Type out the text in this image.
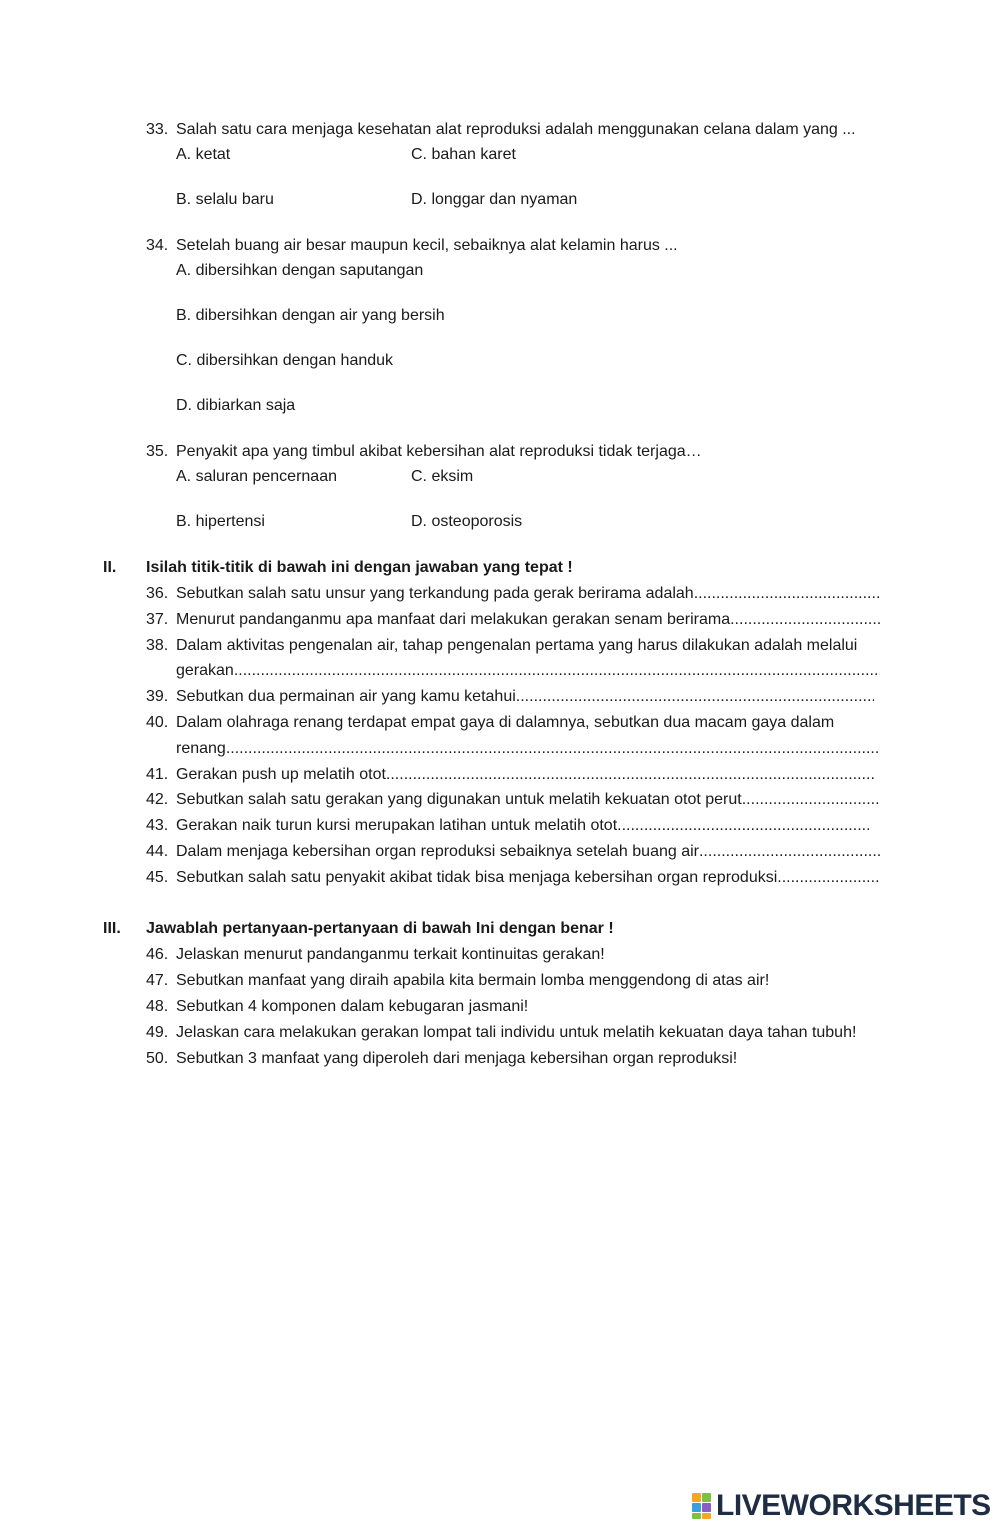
33. Salah satu cara menjaga kesehatan alat reproduksi adalah menggunakan celana dalam yang ...
A. ketat	C. bahan karet
B. selalu baru	D. longgar dan nyaman
34. Setelah buang air besar maupun kecil, sebaiknya alat kelamin harus ...
A. dibersihkan dengan saputangan
B. dibersihkan dengan air yang bersih
C. dibersihkan dengan handuk
D. dibiarkan saja
35. Penyakit apa yang timbul akibat kebersihan alat reproduksi tidak terjaga…
A. saluran pencernaan	C. eksim
B. hipertensi	D. osteoporosis
II. Isilah titik-titik di bawah ini dengan jawaban yang tepat !
36. Sebutkan salah satu unsur yang terkandung pada gerak berirama adalah
.....
37. Menurut pandanganmu apa manfaat dari melakukan gerakan senam berirama
.....
38. Dalam aktivitas pengenalan air, tahap pengenalan pertama yang harus dilakukan adalah melalui
gerakan
.....
39. Sebutkan dua permainan air yang kamu ketahui
.....
40. Dalam olahraga renang terdapat empat gaya di dalamnya, sebutkan dua macam gaya dalam
renang
.....
41. Gerakan push up melatih otot
.....
42. Sebutkan salah satu gerakan yang digunakan untuk melatih kekuatan otot perut
.....
43. Gerakan naik turun kursi merupakan latihan untuk melatih otot
.....
44. Dalam menjaga kebersihan organ reproduksi sebaiknya setelah buang air
.....
45. Sebutkan salah satu penyakit akibat tidak bisa menjaga kebersihan organ reproduksi
.....
III. Jawablah pertanyaan-pertanyaan di bawah Ini dengan benar !
46. Jelaskan menurut pandanganmu terkait kontinuitas gerakan!
47. Sebutkan manfaat yang diraih apabila kita bermain lomba menggendong di atas air!
48. Sebutkan 4 komponen dalam kebugaran jasmani!
49. Jelaskan cara melakukan gerakan lompat tali individu untuk melatih kekuatan daya tahan tubuh!
50. Sebutkan 3 manfaat yang diperoleh dari menjaga kebersihan organ reproduksi!
LIVEWORKSHEETS
